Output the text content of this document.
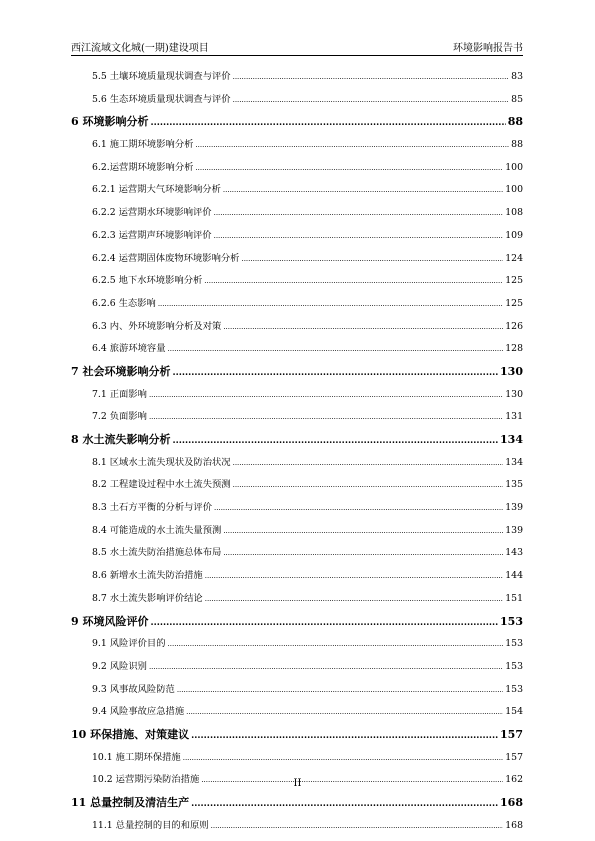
西江流域文化城(一期)建设项目	环境影响报告书
5.5 土壤环境质量现状调查与评价 .....	83
5.6 生态环境质量现状调查与评价 .....	85
6 环境影响分析 .....	88
6.1 施工期环境影响分析 .....	88
6.2.运营期环境影响分析 .....	100
6.2.1 运营期大气环境影响分析 .....	100
6.2.2 运营期水环境影响评价 .....	108
6.2.3 运营期声环境影响评价 .....	109
6.2.4 运营期固体废物环境影响分析 .....	124
6.2.5 地下水环境影响分析 .....	125
6.2.6 生态影响 .....	125
6.3 内、外环境影响分析及对策 .....	126
6.4 旅游环境容量 .....	128
7 社会环境影响分析 .....	130
7.1 正面影响 .....	130
7.2 负面影响 .....	131
8 水土流失影响分析 .....	134
8.1 区域水土流失现状及防治状况 .....	134
8.2 工程建设过程中水土流失预测 .....	135
8.3 土石方平衡的分析与评价 .....	139
8.4 可能造成的水土流失量预测 .....	139
8.5 水土流失防治措施总体布局 .....	143
8.6 新增水土流失防治措施 .....	144
8.7 水土流失影响评价结论 .....	151
9 环境风险评价 .....	153
9.1 风险评价目的 .....	153
9.2 风险识别 .....	153
9.3 风事故风险防范 .....	153
9.4 风险事故应急措施 .....	154
10 环保措施、对策建议 .....	157
10.1 施工期环保措施 .....	157
10.2 运营期污染防治措施 .....	162
11 总量控制及清洁生产 .....	168
11.1 总量控制的目的和原则 .....	168
II
